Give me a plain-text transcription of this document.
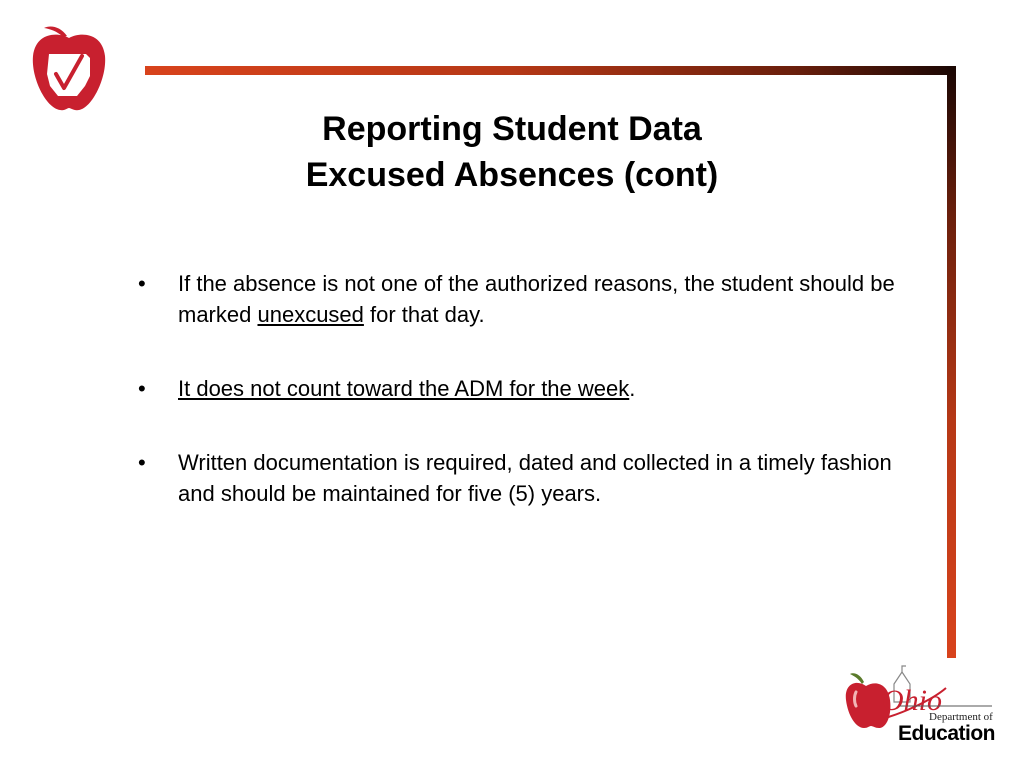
Reporting Student Data
Excused Absences (cont)
• If the absence is not one of the authorized reasons, the student should be marked unexcused for that day.
• It does not count toward the ADM for the week.
• Written documentation is required, dated and collected in a timely fashion and should be maintained for five (5) years.
Ohio
Department of
Education
